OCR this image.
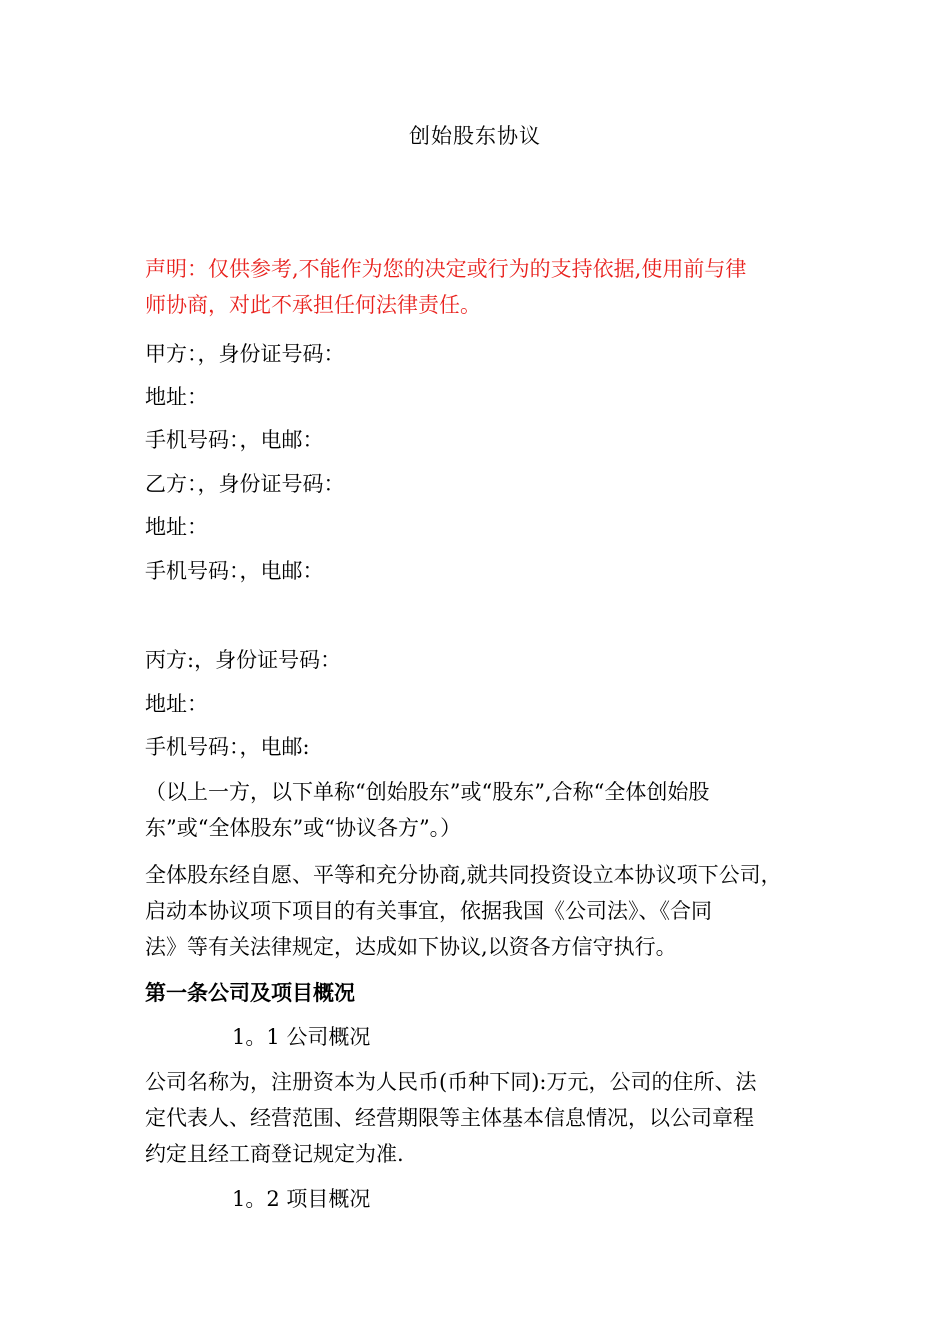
创始股东协议
声明：仅供参考,不能作为您的决定或行为的支持依据,使用前与律
师协商，对此不承担任何法律责任。
甲方：，身份证号码：
地址：
手机号码：，电邮：
乙方：，身份证号码：
地址：
手机号码：，电邮：
丙方:，身份证号码：
地址：
手机号码：，电邮:
（以上一方，以下单称“创始股东”或“股东”,合称“全体创始股
东”或“全体股东”或“协议各方”。）
全体股东经自愿、平等和充分协商,就共同投资设立本协议项下公司，
启动本协议项下项目的有关事宜，依据我国《公司法》、《合同
法》等有关法律规定，达成如下协议,以资各方信守执行。
第一条公司及项目概况
1。1 公司概况
公司名称为，注册资本为人民币(币种下同):万元，公司的住所、法
定代表人、经营范围、经营期限等主体基本信息情况，以公司章程
约定且经工商登记规定为准.
1。2 项目概况
